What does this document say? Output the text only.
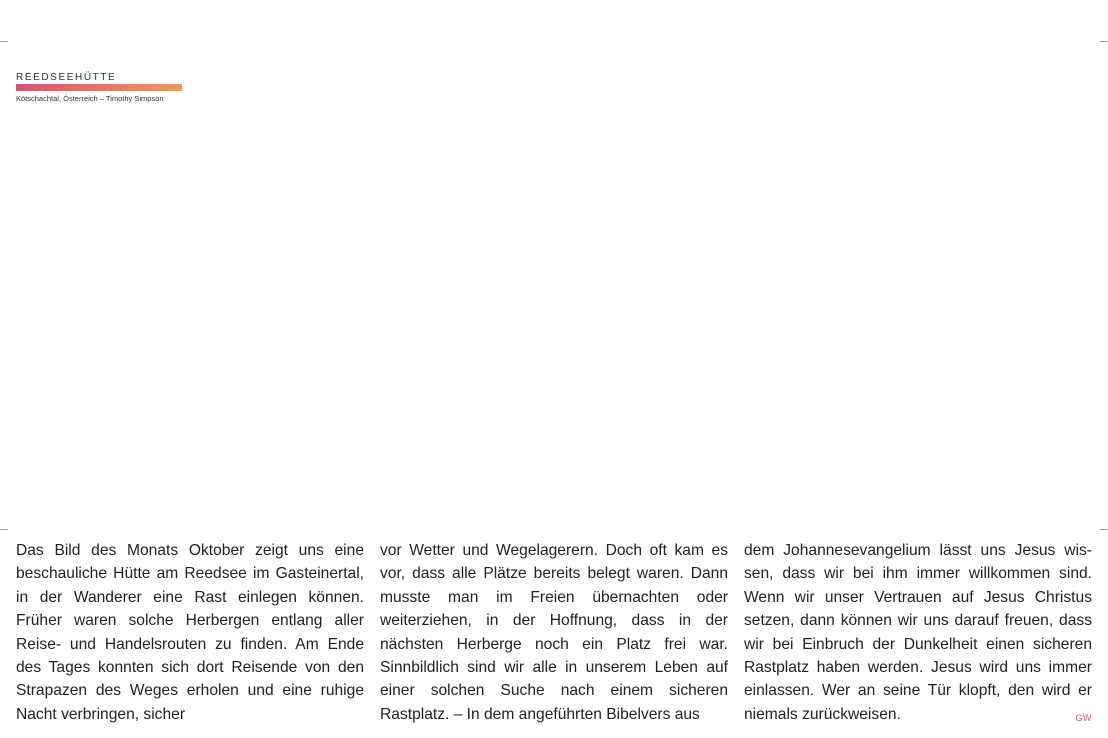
REEDSEEHÜTTE
Kötschachtal, Österreich – Timothy Simpson

Das Bild des Monats Oktober zeigt uns eine beschauliche Hütte am Reedsee im Gasteinertal, in der Wanderer eine Rast einlegen können. Früher waren solche Herbergen entlang aller Reise- und Handelsrouten zu finden. Am Ende des Tages konnten sich dort Reisende von den Strapazen des Weges erholen und eine ruhige Nacht verbringen, sicher

vor Wetter und Wegelagerern. Doch oft kam es vor, dass alle Plätze bereits belegt waren. Dann musste man im Freien übernachten oder weiterziehen, in der Hoffnung, dass in der nächsten Herberge noch ein Platz frei war. Sinnbildlich sind wir alle in unserem Leben auf einer solchen Suche nach einem sicheren Rastplatz. – In dem angeführten Bibelvers aus

dem Johannesevangelium lässt uns Jesus wissen, dass wir bei ihm immer willkommen sind. Wenn wir unser Vertrauen auf Jesus Christus setzen, dann können wir uns darauf freuen, dass wir bei Einbruch der Dunkelheit einen sicheren Rastplatz haben werden. Jesus wird uns immer einlassen. Wer an seine Tür klopft, den wird er niemals zurückweisen.	GW
